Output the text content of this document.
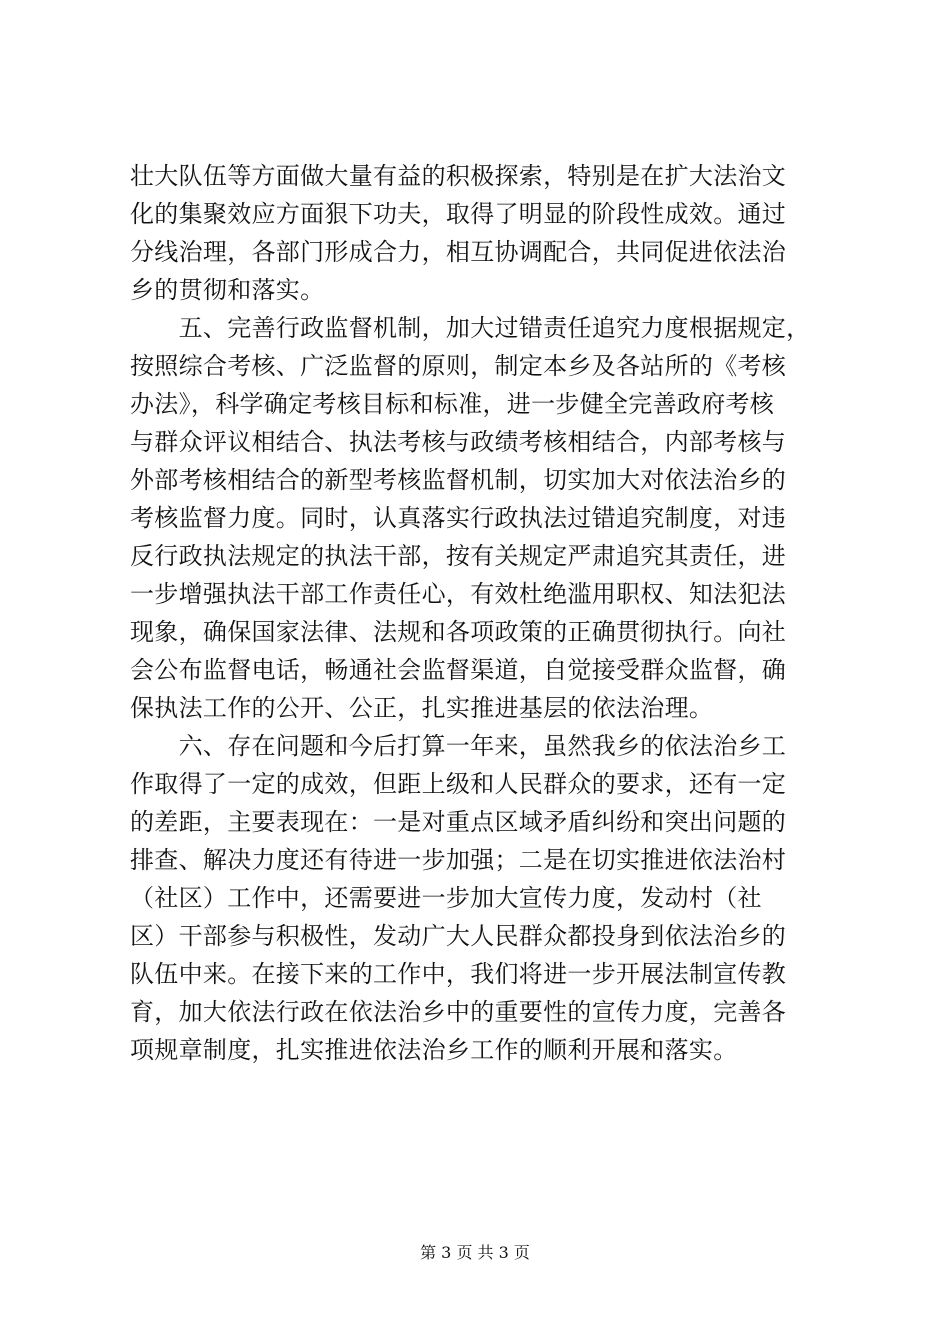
壮大队伍等方面做大量有益的积极探索，特别是在扩大法治文
化的集聚效应方面狠下功夫，取得了明显的阶段性成效。通过
分线治理，各部门形成合力，相互协调配合，共同促进依法治
乡的贯彻和落实。
　　五、完善行政监督机制，加大过错责任追究力度根据规定，
按照综合考核、广泛监督的原则，制定本乡及各站所的《考核
办法》，科学确定考核目标和标准，进一步健全完善政府考核
与群众评议相结合、执法考核与政绩考核相结合，内部考核与
外部考核相结合的新型考核监督机制，切实加大对依法治乡的
考核监督力度。同时，认真落实行政执法过错追究制度，对违
反行政执法规定的执法干部，按有关规定严肃追究其责任，进
一步增强执法干部工作责任心，有效杜绝滥用职权、知法犯法
现象，确保国家法律、法规和各项政策的正确贯彻执行。向社
会公布监督电话，畅通社会监督渠道，自觉接受群众监督，确
保执法工作的公开、公正，扎实推进基层的依法治理。
　　六、存在问题和今后打算一年来，虽然我乡的依法治乡工
作取得了一定的成效，但距上级和人民群众的要求，还有一定
的差距，主要表现在：一是对重点区域矛盾纠纷和突出问题的
排查、解决力度还有待进一步加强；二是在切实推进依法治村
（社区）工作中，还需要进一步加大宣传力度，发动村（社
区）干部参与积极性，发动广大人民群众都投身到依法治乡的
队伍中来。在接下来的工作中，我们将进一步开展法制宣传教
育，加大依法行政在依法治乡中的重要性的宣传力度，完善各
项规章制度，扎实推进依法治乡工作的顺利开展和落实。
第 3 页 共 3 页
